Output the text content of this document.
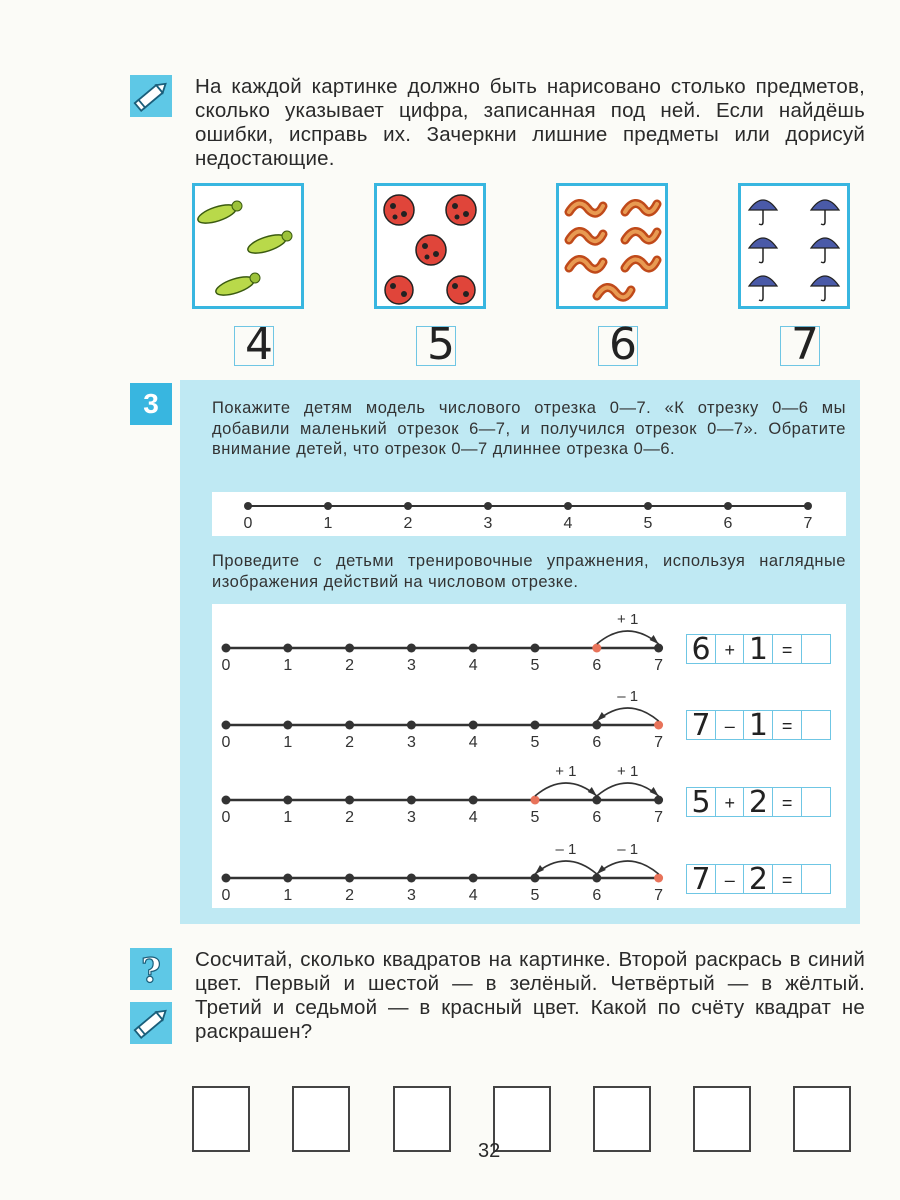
На каждой картинке должно быть нарисовано столько предметов, сколько указывает цифра, записанная под ней. Если найдёшь ошибки, исправь их. Зачеркни лишние предметы или дорисуй недостающие.
4	5	6	7
3	Покажите детям модель числового отрезка 0—7. «К отрезку 0—6 мы добавили маленький отрезок 6—7, и получился отрезок 0—7». Обратите внимание детей, что отрезок 0—7 длиннее отрезка 0—6.
0	1	2	3	4	5	6	7
Проведите с детьми тренировочные упражнения, используя наглядные изображения действий на числовом отрезке.
0	1	2	3	4	5	6	7
+ 1
0	1	2	3	4	5	6	7
– 1
0	1	2	3	4	5	6	7
+ 1	+ 1
0	1	2	3	4	5	6	7
– 1
– 1
6 + 1 =
7 – 1 =
5 + 2 =
7 – 2 =
? Сосчитай, сколько квадратов на картинке. Второй раскрась в синий цвет. Первый и шестой — в зелёный. Четвёртый — в жёлтый. Третий и седьмой — в красный цвет. Какой по счёту квадрат не раскрашен?
32
